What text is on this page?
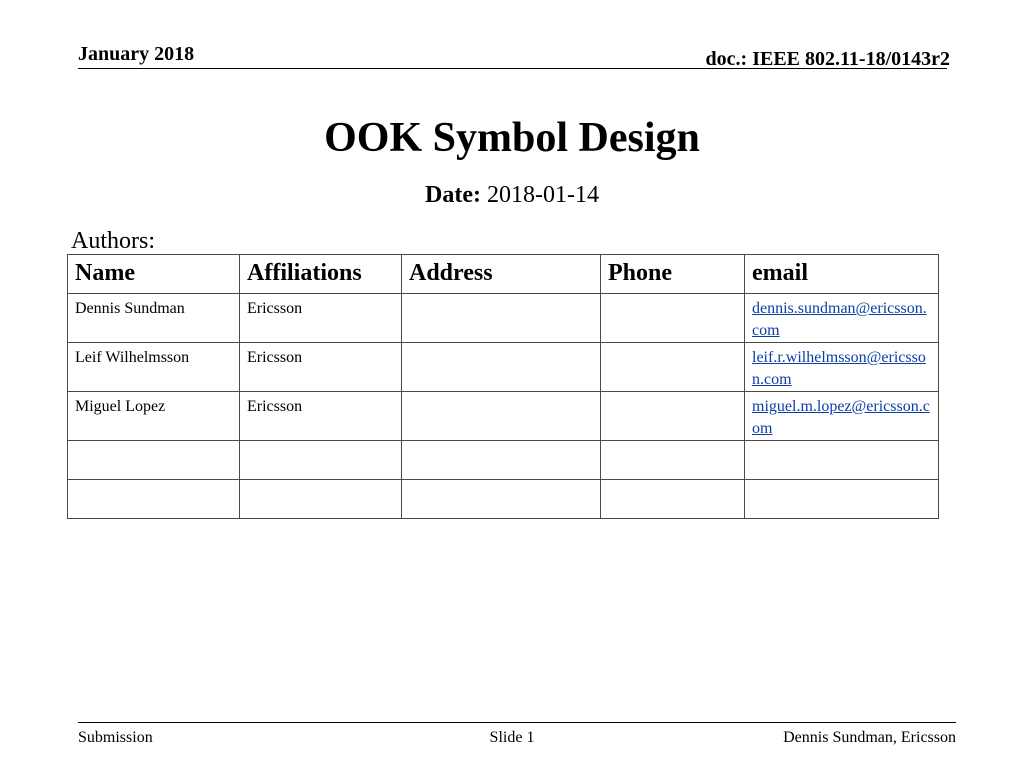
January 2018	doc.: IEEE 802.11-18/0143r2
OOK Symbol Design
Date: 2018-01-14
Authors:
Name	Affiliations	Address	Phone	email
Dennis Sundman	Ericsson			dennis.sundman@ericsson.com
Leif Wilhelmsson	Ericsson			leif.r.wilhelmsson@ericsson.com
Miguel Lopez	Ericsson			miguel.m.lopez@ericsson.com

Submission	Slide 1	Dennis Sundman, Ericsson
